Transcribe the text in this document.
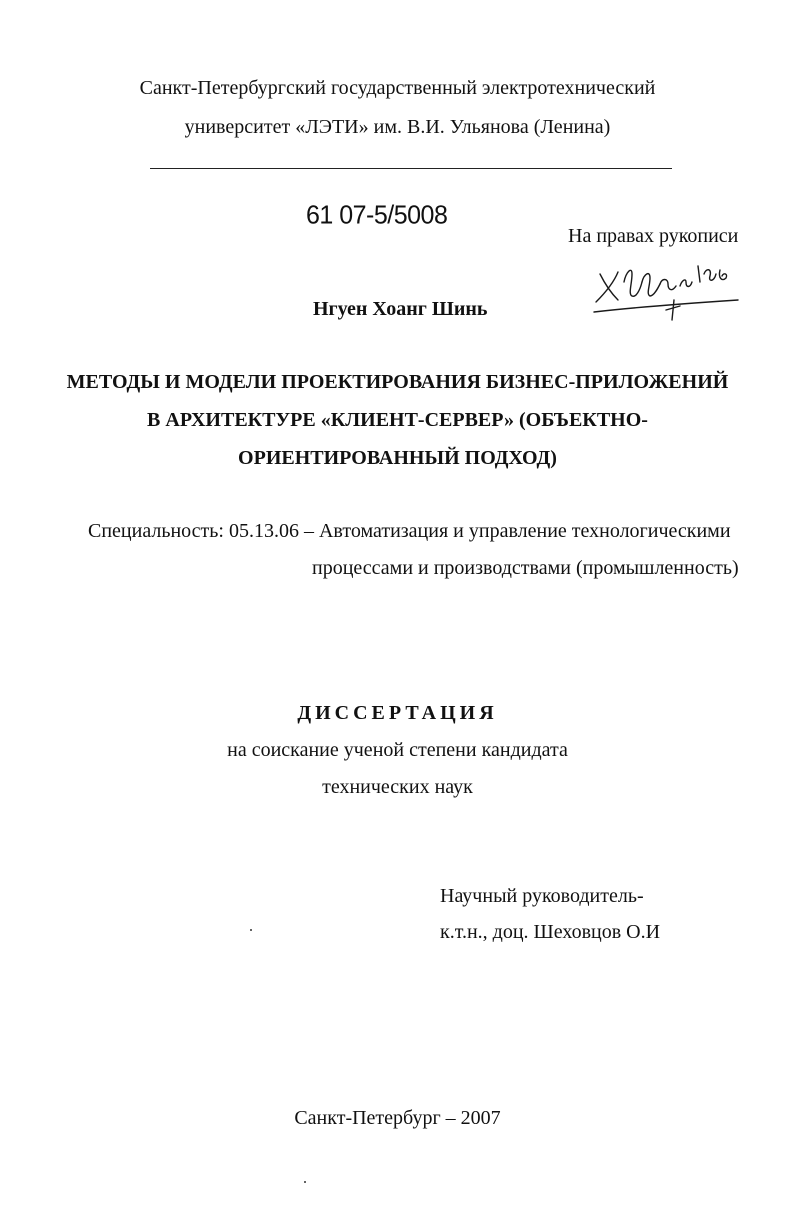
Санкт-Петербургский государственный электротехнический
университет «ЛЭТИ» им. В.И. Ульянова (Ленина)
61 07-5/5008
На правах рукописи
Хюши
Нгуен Хоанг Шинь
МЕТОДЫ И МОДЕЛИ ПРОЕКТИРОВАНИЯ БИЗНЕС-ПРИЛОЖЕНИЙ
В АРХИТЕКТУРЕ «КЛИЕНТ-СЕРВЕР» (ОБЪЕКТНО-
ОРИЕНТИРОВАННЫЙ ПОДХОД)
Специальность: 05.13.06 – Автоматизация и управление технологическими
процессами и производствами (промышленность)
ДИССЕРТАЦИЯ
на соискание ученой степени кандидата
технических наук
Научный руководитель-
к.т.н., доц. Шеховцов О.И
Санкт-Петербург – 2007
